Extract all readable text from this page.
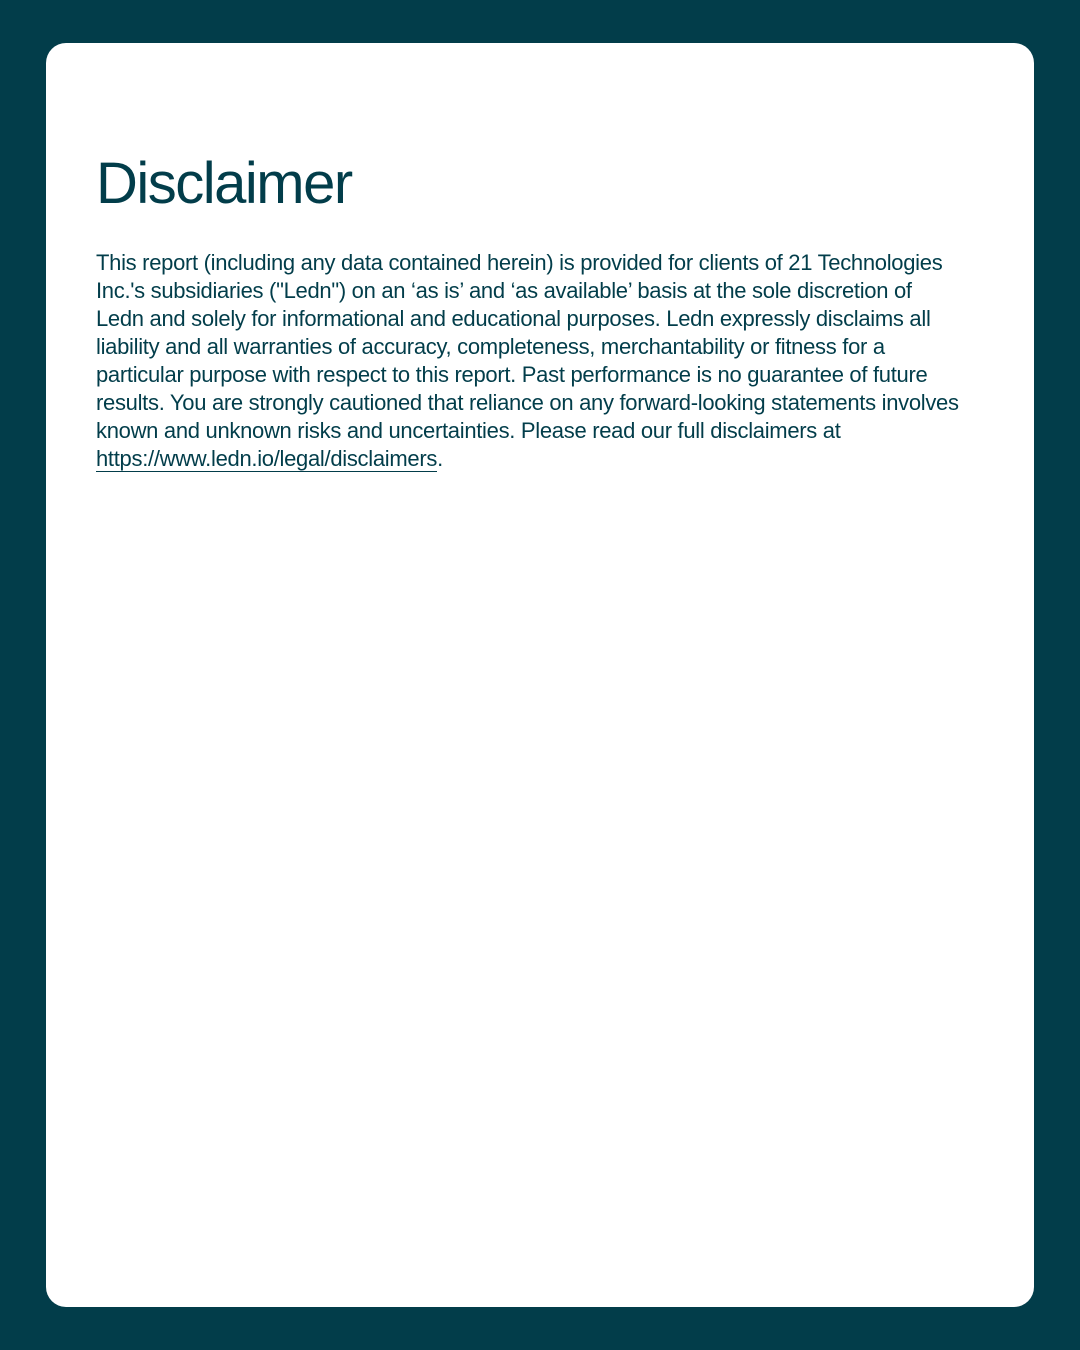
Disclaimer

This report (including any data contained herein) is provided for clients of 21 Technologies Inc.'s subsidiaries ("Ledn") on an ‘as is’ and ‘as available’ basis at the sole discretion of Ledn and solely for informational and educational purposes. Ledn expressly disclaims all liability and all warranties of accuracy, completeness, merchantability or fitness for a particular purpose with respect to this report. Past performance is no guarantee of future results. You are strongly cautioned that reliance on any forward-looking statements involves known and unknown risks and uncertainties. Please read our full disclaimers at https://www.ledn.io/legal/disclaimers.
